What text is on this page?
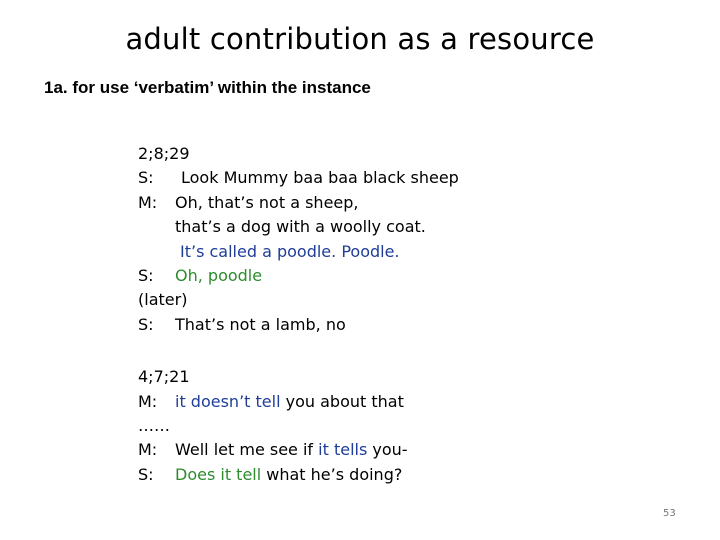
adult contribution as a resource
1a. for use ‘verbatim’ within the instance
2;8;29
S: Look Mummy baa baa black sheep
M: Oh, that’s not a sheep,
that’s a dog with a woolly coat.
It’s called a poodle. Poodle.
S: Oh, poodle
(later)
S: That’s not a lamb, no
4;7;21
M: it doesn’t tell you about that
……
M: Well let me see if it tells you-
S: Does it tell what he’s doing?
53
